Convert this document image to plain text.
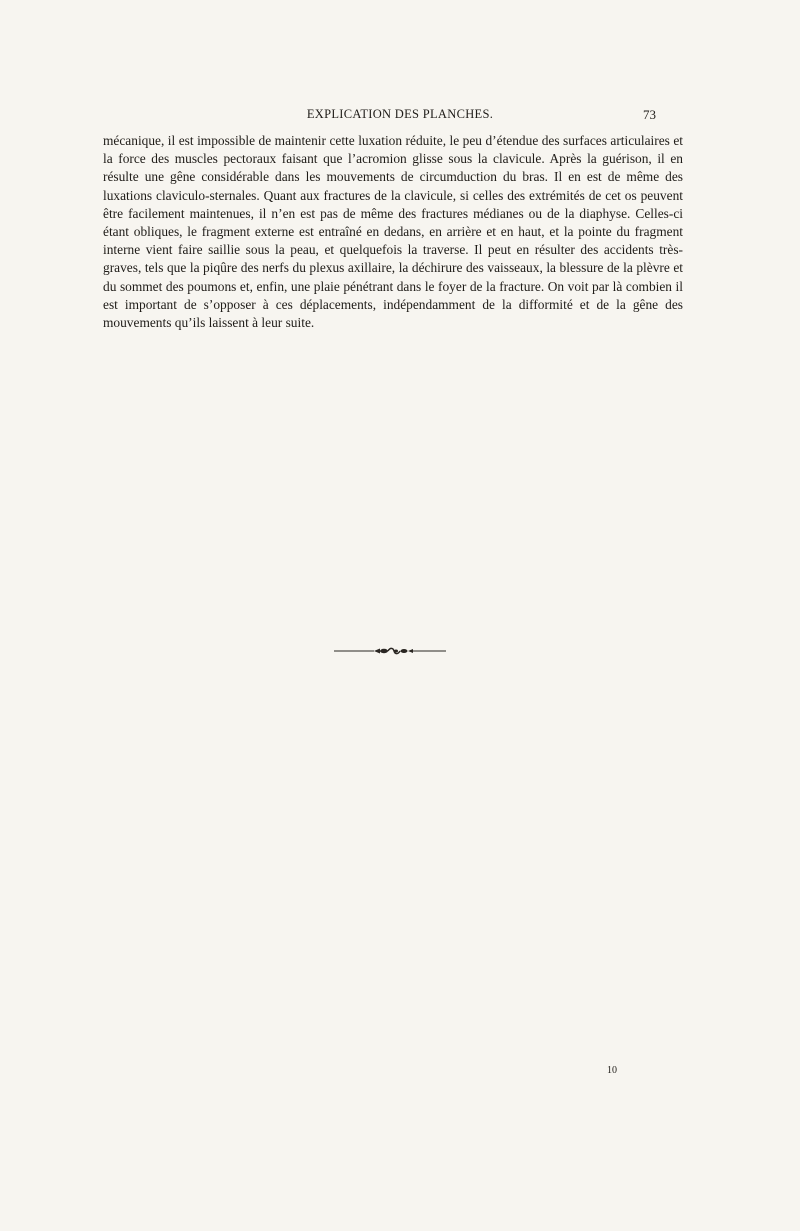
EXPLICATION DES PLANCHES.	73

mécanique, il est impossible de maintenir cette luxation réduite, le peu d’étendue des surfaces articulaires et la force des muscles pectoraux faisant que l’acromion glisse sous la clavicule. Après la guérison, il en résulte une gêne considérable dans les mouvements de circumduction du bras. Il en est de même des luxations claviculo-sternales. Quant aux fractures de la clavicule, si celles des extrémités de cet os peuvent être facilement maintenues, il n’en est pas de même des fractures médianes ou de la diaphyse. Celles-ci étant obliques, le fragment externe est entraîné en dedans, en arrière et en haut, et la pointe du fragment interne vient faire saillie sous la peau, et quelquefois la traverse. Il peut en résulter des accidents très-graves, tels que la piqûre des nerfs du plexus axillaire, la déchirure des vaisseaux, la blessure de la plèvre et du sommet des poumons et, enfin, une plaie pénétrant dans le foyer de la fracture. On voit par là combien il est important de s’opposer à ces déplacements, indépendamment de la difformité et de la gêne des mouvements qu’ils laissent à leur suite.

10
